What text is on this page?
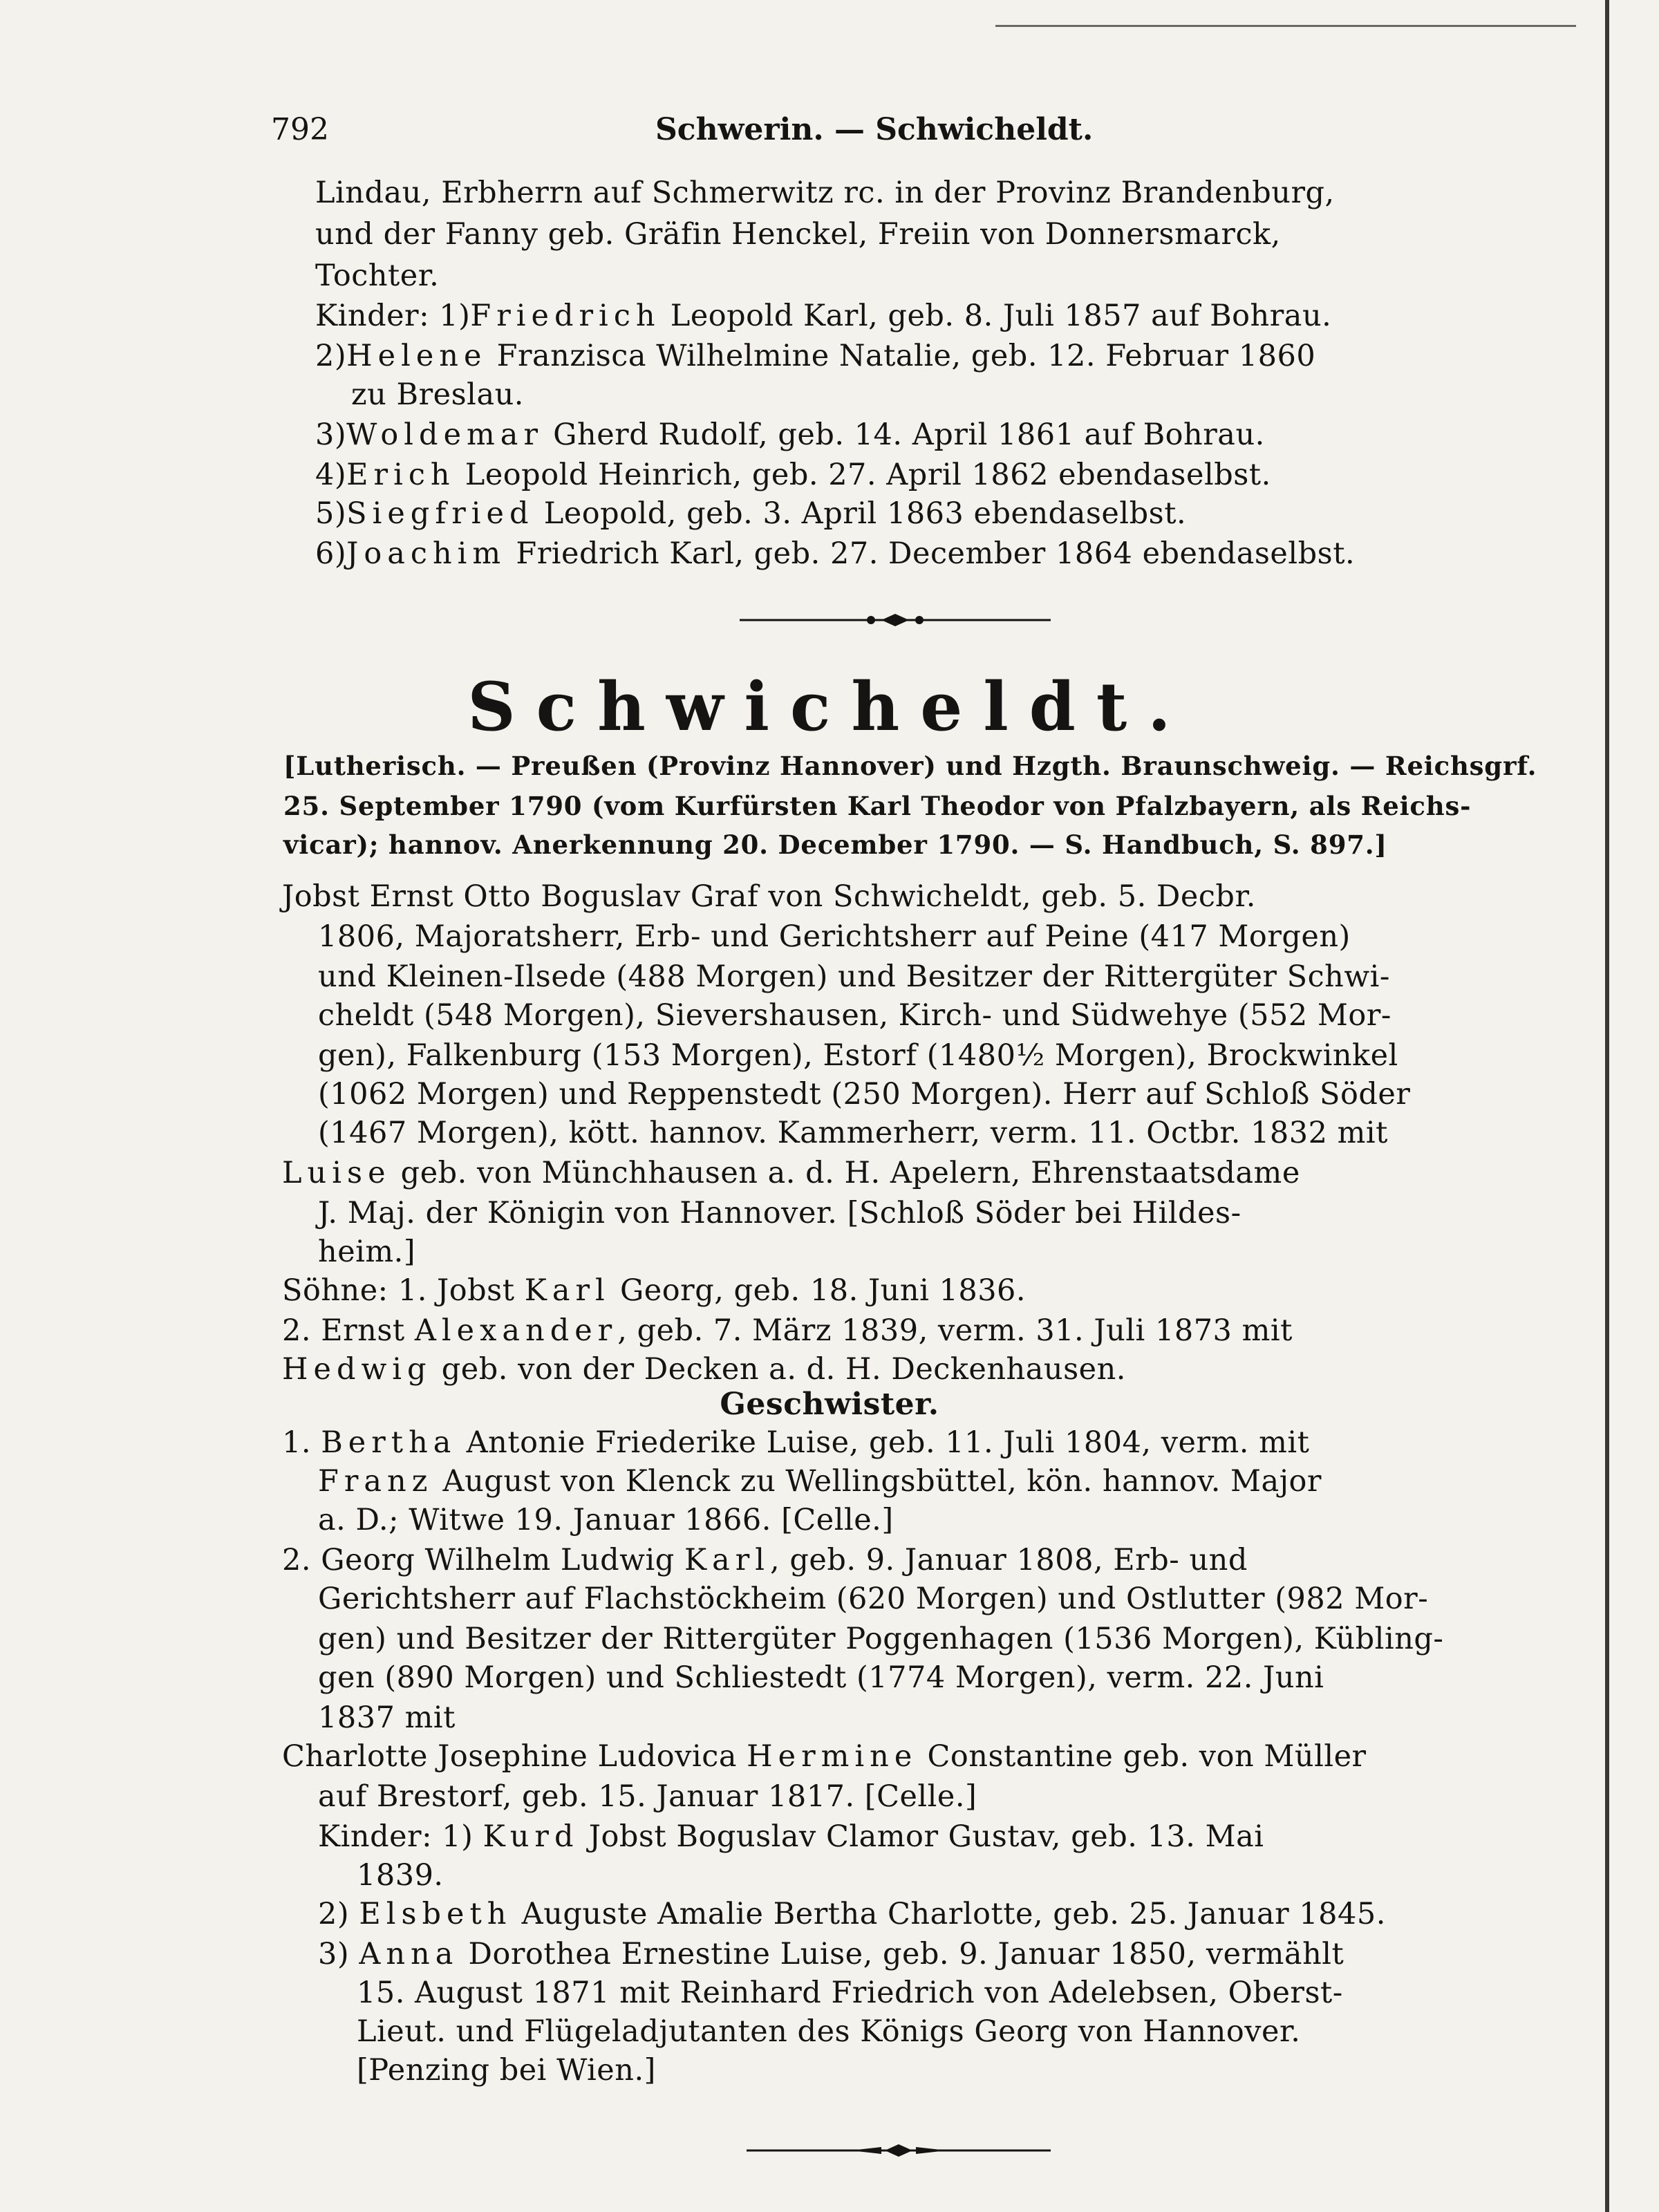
792	Schwerin. — Schwicheldt.

Lindau, Erbherrn auf Schmerwitz rc. in der Provinz Brandenburg,

und der Fanny geb. Gräfin Henckel, Freiin von Donnersmarck,

Tochter.

Kinder: 1)Friedrich Leopold Karl, geb. 8. Juli 1857 auf Bohrau.

2)Helene Franzisca Wilhelmine Natalie, geb. 12. Februar 1860

zu Breslau.

3)Woldemar Gherd Rudolf, geb. 14. April 1861 auf Bohrau.

4)Erich Leopold Heinrich, geb. 27. April 1862 ebendaselbst.

5)Siegfried Leopold, geb. 3. April 1863 ebendaselbst.

6)Joachim Friedrich Karl, geb. 27. December 1864 ebendaselbst.

Schwicheldt.

[Lutherisch. — Preußen (Provinz Hannover) und Hzgth. Braunschweig. — Reichsgrf.

25. September 1790 (vom Kurfürsten Karl Theodor von Pfalzbayern, als Reichs-

vicar); hannov. Anerkennung 20. December 1790. — S. Handbuch, S. 897.]

Jobst Ernst Otto Boguslav Graf von Schwicheldt, geb. 5. Decbr.

1806, Majoratsherr, Erb- und Gerichtsherr auf Peine (417 Morgen)

und Kleinen-Ilsede (488 Morgen) und Besitzer der Rittergüter Schwi-

cheldt (548 Morgen), Sievershausen, Kirch- und Südwehye (552 Mor-

gen), Falkenburg (153 Morgen), Estorf (1480½ Morgen), Brockwinkel

(1062 Morgen) und Reppenstedt (250 Morgen). Herr auf Schloß Söder

(1467 Morgen), kött. hannov. Kammerherr, verm. 11. Octbr. 1832 mit

Luise geb. von Münchhausen a. d. H. Apelern, Ehrenstaatsdame

J. Maj. der Königin von Hannover. [Schloß Söder bei Hildes-

heim.]

Söhne: 1. Jobst Karl Georg, geb. 18. Juni 1836.

2. Ernst Alexander, geb. 7. März 1839, verm. 31. Juli 1873 mit

Hedwig geb. von der Decken a. d. H. Deckenhausen.

Geschwister.

1. Bertha Antonie Friederike Luise, geb. 11. Juli 1804, verm. mit

Franz August von Klenck zu Wellingsbüttel, kön. hannov. Major

a. D.; Witwe 19. Januar 1866. [Celle.]

2. Georg Wilhelm Ludwig Karl, geb. 9. Januar 1808, Erb- und

Gerichtsherr auf Flachstöckheim (620 Morgen) und Ostlutter (982 Mor-

gen) und Besitzer der Rittergüter Poggenhagen (1536 Morgen), Kübling-

gen (890 Morgen) und Schliestedt (1774 Morgen), verm. 22. Juni

1837 mit

Charlotte Josephine Ludovica Hermine Constantine geb. von Müller

auf Brestorf, geb. 15. Januar 1817. [Celle.]

Kinder: 1) Kurd Jobst Boguslav Clamor Gustav, geb. 13. Mai

1839.

2) Elsbeth Auguste Amalie Bertha Charlotte, geb. 25. Januar 1845.

3) Anna Dorothea Ernestine Luise, geb. 9. Januar 1850, vermählt

15. August 1871 mit Reinhard Friedrich von Adelebsen, Oberst-

Lieut. und Flügeladjutanten des Königs Georg von Hannover.

[Penzing bei Wien.]
